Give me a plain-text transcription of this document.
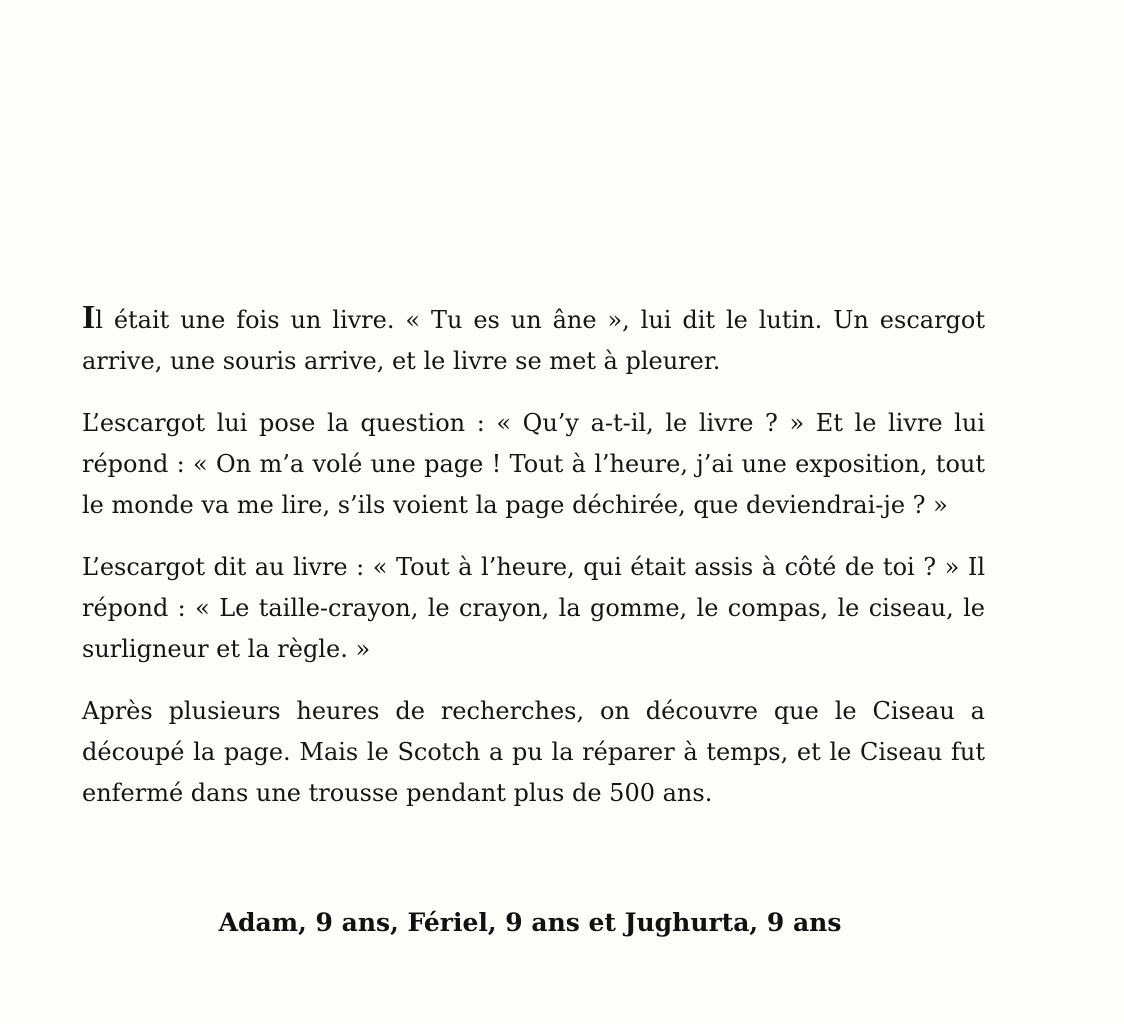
Il était une fois un livre. « Tu es un âne », lui dit le lutin. Un escargot arrive, une souris arrive, et le livre se met à pleurer.

L’escargot lui pose la question : « Qu’y a-t-il, le livre ? » Et le livre lui répond : « On m’a volé une page ! Tout à l’heure, j’ai une exposition, tout le monde va me lire, s’ils voient la page déchirée, que deviendrai-je ? »

L’escargot dit au livre : « Tout à l’heure, qui était assis à côté de toi ? » Il répond : « Le taille-crayon, le crayon, la gomme, le compas, le ciseau, le surligneur et la règle. »

Après plusieurs heures de recherches, on découvre que le Ciseau a découpé la page. Mais le Scotch a pu la réparer à temps, et le Ciseau fut enfermé dans une trousse pendant plus de 500 ans.

Adam, 9 ans, Fériel, 9 ans et Jughurta, 9 ans
